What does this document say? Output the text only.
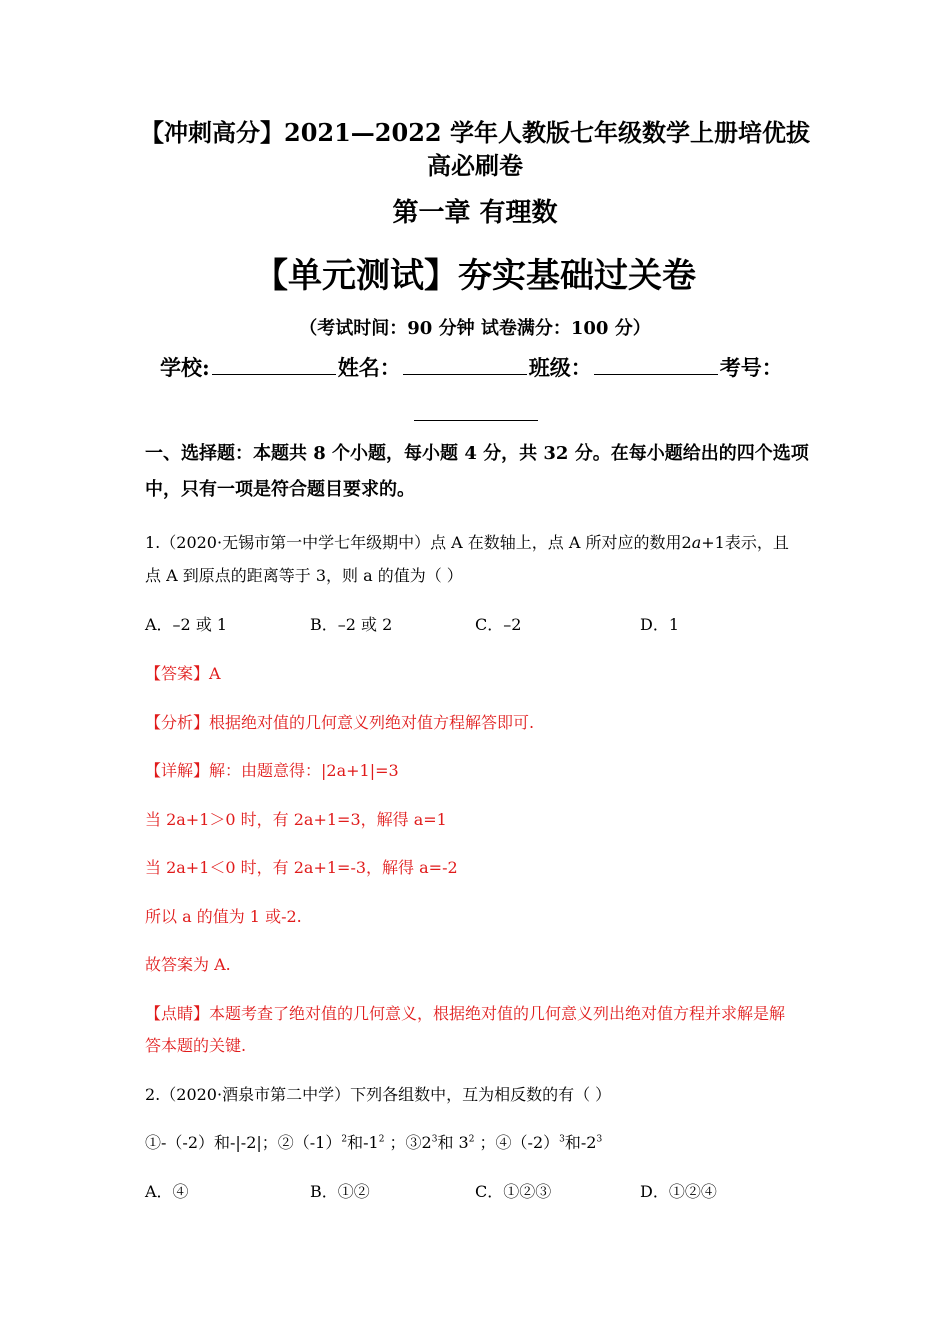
【冲刺高分】2021—2022 学年人教版七年级数学上册培优拔
高必刷卷
第一章 有理数
【单元测试】夯实基础过关卷
（考试时间：90 分钟 试卷满分：100 分）
学校:	姓名：	班级：	考号：
一、选择题：本题共 8 个小题，每小题 4 分，共 32 分。在每小题给出的四个选项中，只有一项是符合题目要求的。
1.（2020·无锡市第一中学七年级期中）点 A 在数轴上，点 A 所对应的数用2a+1表示，且
点 A 到原点的距离等于 3，则 a 的值为（ ）
A．–2 或 1	B．–2 或 2	C．–2	D．1
【答案】A
【分析】根据绝对值的几何意义列绝对值方程解答即可.
【详解】解：由题意得：|2a+1|=3
当 2a+1＞0 时，有 2a+1=3，解得 a=1
当 2a+1＜0 时，有 2a+1=-3，解得 a=-2
所以 a 的值为 1 或-2.
故答案为 A.
【点睛】本题考查了绝对值的几何意义，根据绝对值的几何意义列出绝对值方程并求解是解
答本题的关键.
2.（2020·酒泉市第二中学）下列各组数中，互为相反数的有（ ）
①-（-2）和-|-2|；$②(-1)^2$和$-1^2$ ；$③2^3$和 $3^2$ ；$④(-2)^3$和$-2^3$
A．④	B．①②	C．①②③	D．①②④
